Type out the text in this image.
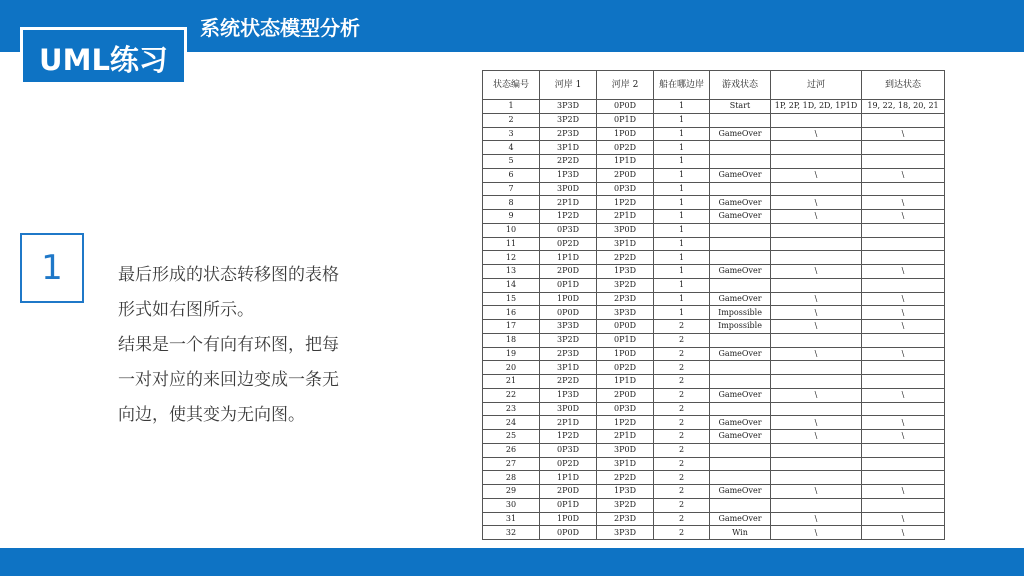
UML练习
系统状态模型分析
1	最后形成的状态转移图的表格

形式如右图所示。

结果是一个有向有环图，把每

一对对应的来回边变成一条无

向边，使其变为无向图。

状态编号	河岸 1	河岸 2	船在哪边岸	游戏状态	过河	到达状态
1	3P3D	0P0D	1	Start	1P, 2P, 1D, 2D, 1P1D	19, 22, 18, 20, 21
2	3P2D	0P1D	1			
3	2P3D	1P0D	1	GameOver	\	\
4	3P1D	0P2D	1			
5	2P2D	1P1D	1			
6	1P3D	2P0D	1	GameOver	\	\
7	3P0D	0P3D	1			
8	2P1D	1P2D	1	GameOver	\	\
9	1P2D	2P1D	1	GameOver	\	\
10	0P3D	3P0D	1			
11	0P2D	3P1D	1			
12	1P1D	2P2D	1			
13	2P0D	1P3D	1	GameOver	\	\
14	0P1D	3P2D	1			
15	1P0D	2P3D	1	GameOver	\	\
16	0P0D	3P3D	1	Impossible	\	\
17	3P3D	0P0D	2	Impossible	\	\
18	3P2D	0P1D	2			
19	2P3D	1P0D	2	GameOver	\	\
20	3P1D	0P2D	2			
21	2P2D	1P1D	2			
22	1P3D	2P0D	2	GameOver	\	\
23	3P0D	0P3D	2			
24	2P1D	1P2D	2	GameOver	\	\
25	1P2D	2P1D	2	GameOver	\	\
26	0P3D	3P0D	2			
27	0P2D	3P1D	2			
28	1P1D	2P2D	2			
29	2P0D	1P3D	2	GameOver	\	\
30	0P1D	3P2D	2			
31	1P0D	2P3D	2	GameOver	\	\
32	0P0D	3P3D	2	Win	\	\
